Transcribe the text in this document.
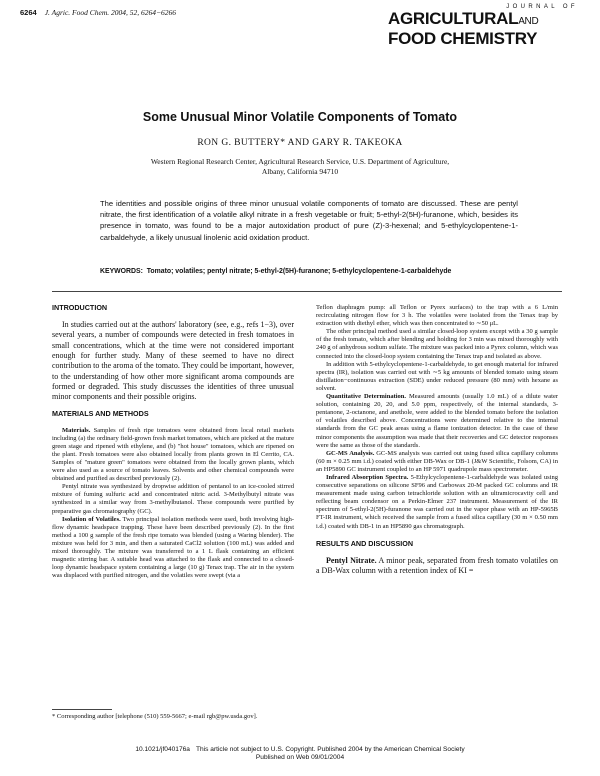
6264 J. Agric. Food Chem. 2004, 52, 6264−6266
JOURNAL OF
AGRICULTURALAND
FOOD CHEMISTRY
Some Unusual Minor Volatile Components of Tomato
RON G. BUTTERY* AND GARY R. TAKEOKA
Western Regional Research Center, Agricultural Research Service, U.S. Department of Agriculture,
Albany, California 94710
The identities and possible origins of three minor unusual volatile components of tomato are discussed. These are pentyl nitrate, the first identification of a volatile alkyl nitrate in a fresh vegetable or fruit; 5-ethyl-2(5H)-furanone, which, besides its presence in tomato, was found to be a major autoxidation product of pure (Z)-3-hexenal; and 5-ethylcyclopentene-1-carbaldehyde, a likely unusual linolenic acid oxidation product.
KEYWORDS: Tomato; volatiles; pentyl nitrate; 5-ethyl-2(5H)-furanone; 5-ethylcyclopentene-1-carbaldehyde
INTRODUCTION

In studies carried out at the authors' laboratory (see, e.g., refs 1−3), over several years, a number of compounds were detected in fresh tomatoes in small concentrations, which at the time were not considered important enough for further study. Many of these seemed to have no direct contribution to the aroma of the tomato. They could be important, however, to the understanding of how other more significant aroma compounds are formed or degraded. This study discusses the identities of three unusual minor components and their possible origins.

MATERIALS AND METHODS

Materials. Samples of fresh ripe tomatoes were obtained from local retail markets including (a) the ordinary field-grown fresh market tomatoes, which are picked at the mature green stage and ripened with ethylene, and (b) "hot house" tomatoes, which are ripened on the plant. Fresh tomatoes were also obtained locally from plants grown in El Cerrito, CA. Samples of "mature green" tomatoes were obtained from the locally grown plants, which were also used as a source of tomato leaves. Solvents and other chemical compounds were obtained and purified as described previously (2).

Pentyl nitrate was synthesized by dropwise addition of pentanol to an ice-cooled stirred mixture of fuming sulfuric acid and concentrated nitric acid. 3-Methylbutyl nitrate was synthesized in a similar way from 3-methylbutanol. These compounds were purified by preparative gas chromatography (GC).

Isolation of Volatiles. Two principal isolation methods were used, both involving high-flow dynamic headspace trapping. These have been described previously (2). In the first method a 100 g sample of the fresh ripe tomato was blended (using a Waring blender). The mixture was held for 3 min, and then a saturated CaCl2 solution (100 mL) was added and mixed thoroughly. The mixture was transferred to a 1 L flask containing an efficient magnetic stirring bar. A suitable head was attached to the flask and connected to a closed-loop dynamic headspace system containing a large (10 g) Tenax trap. The air in the system was displaced with purified nitrogen, and the volatiles were swept (via a

* Corresponding author [telephone (510) 559-5667; e-mail rgb@pw.usda.gov].

Teflon diaphragm pump: all Teflon or Pyrex surfaces) to the trap with a 6 L/min recirculating nitrogen flow for 3 h. The volatiles were isolated from the Tenax trap by extraction with diethyl ether, which was then concentrated to ∼50 μL.

The other principal method used a similar closed-loop system except with a 30 g sample of the fresh tomato, which after blending and holding for 3 min was mixed thoroughly with 240 g of anhydrous sodium sulfate. The mixture was packed into a Pyrex column, which was connected into the closed-loop system containing the Tenax trap and isolated as above.

In addition with 5-ethylcyclopentene-1-carbaldehyde, to get enough material for infrared spectra (IR), isolation was carried out with ∼5 kg amounts of blended tomato using steam distillation−continuous extraction (SDE) under reduced pressure (80 mm) with hexane as solvent.

Quantitative Determination. Measured amounts (usually 1.0 mL) of a dilute water solution, containing 20, 20, and 5.0 ppm, respectively, of the internal standards, 3-pentanone, 2-octanone, and anethole, were added to the blended tomato before the isolation of volatiles described above. Concentrations were determined relative to the internal standards from the GC peak areas using a flame ionization detector. In the case of these minor components the assumption was made that their recoveries and GC detector responses were the same as those of the standards.

GC-MS Analysis. GC-MS analysis was carried out using fused silica capillary columns (60 m × 0.25 mm i.d.) coated with either DB-Wax or DB-1 (J&W Scientific, Folsom, CA) in an HP5890 GC instrument coupled to an HP 5971 quadrupole mass spectrometer.

Infrared Absorption Spectra. 5-Ethylcyclopentene-1-carbaldehyde was isolated using consecutive separations on silicone SF96 and Carbowax 20-M packed GC columns and IR measurement made using carbon tetrachloride solution with an ultramicrocavity cell and reflecting beam condensor on a Perkin-Elmer 237 instrument. Measurement of the IR spectrum of 5-ethyl-2(5H)-furanone was carried out in the vapor phase with an HP-5965B FT-IR instrument, which received the sample from a fused silica capillary (30 m × 0.50 mm i.d.) coated with DB-1 in an HP5890 gas chromatograph.

RESULTS AND DISCUSSION

Pentyl Nitrate. A minor peak, separated from fresh tomato volatiles on a DB-Wax column with a retention index of KI =

10.1021/jf040176a This article not subject to U.S. Copyright. Published 2004 by the American Chemical Society
Published on Web 09/01/2004
